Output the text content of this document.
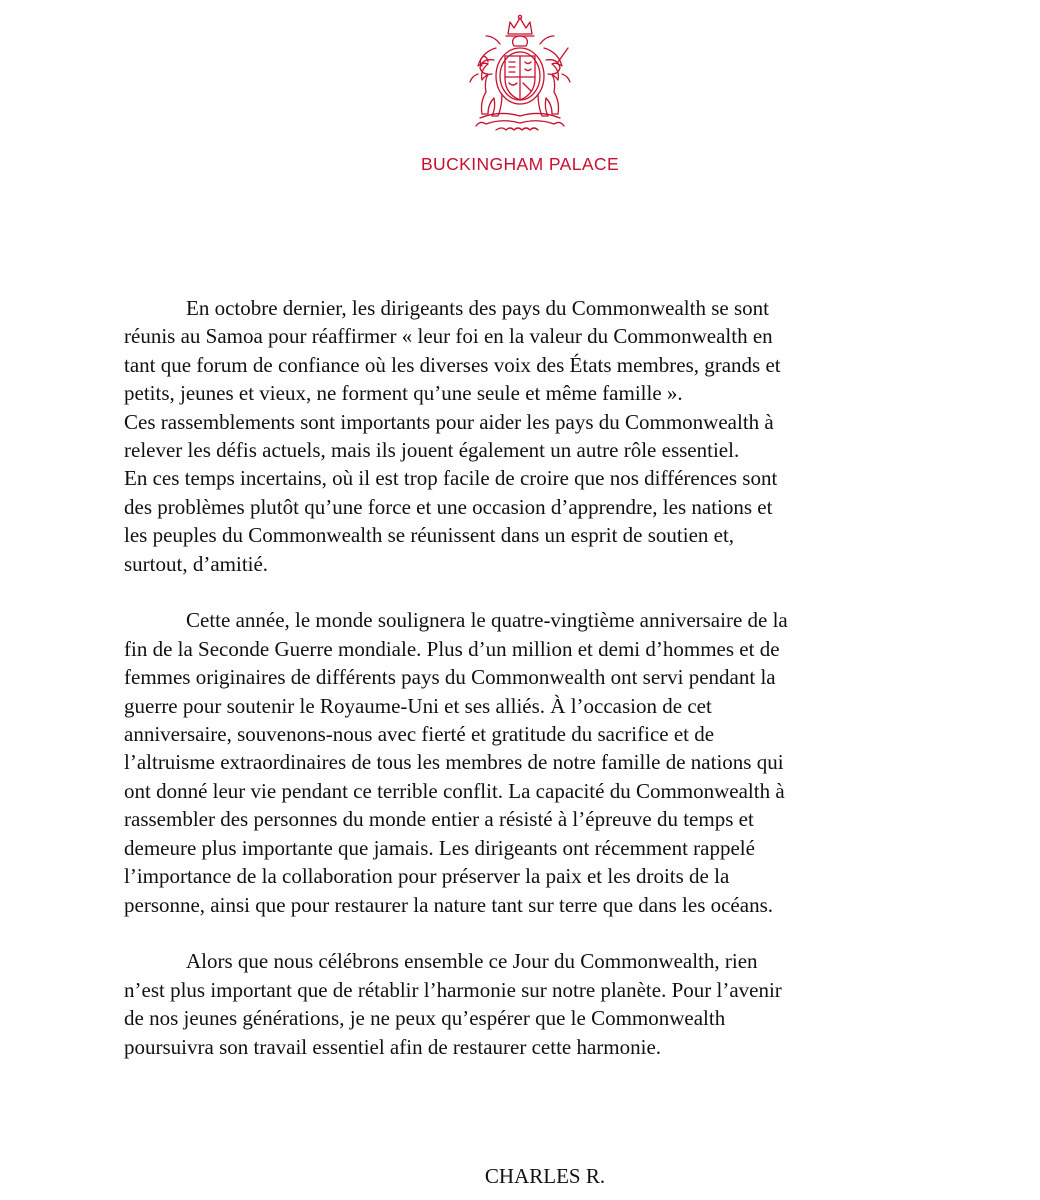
BUCKINGHAM PALACE

En octobre dernier, les dirigeants des pays du Commonwealth se sont
réunis au Samoa pour réaffirmer « leur foi en la valeur du Commonwealth en
tant que forum de confiance où les diverses voix des États membres, grands et
petits, jeunes et vieux, ne forment qu’une seule et même famille ».
Ces rassemblements sont importants pour aider les pays du Commonwealth à
relever les défis actuels, mais ils jouent également un autre rôle essentiel.
En ces temps incertains, où il est trop facile de croire que nos différences sont
des problèmes plutôt qu’une force et une occasion d’apprendre, les nations et
les peuples du Commonwealth se réunissent dans un esprit de soutien et,
surtout, d’amitié.

Cette année, le monde soulignera le quatre-vingtième anniversaire de la
fin de la Seconde Guerre mondiale. Plus d’un million et demi d’hommes et de
femmes originaires de différents pays du Commonwealth ont servi pendant la
guerre pour soutenir le Royaume-Uni et ses alliés. À l’occasion de cet
anniversaire, souvenons-nous avec fierté et gratitude du sacrifice et de
l’altruisme extraordinaires de tous les membres de notre famille de nations qui
ont donné leur vie pendant ce terrible conflit. La capacité du Commonwealth à
rassembler des personnes du monde entier a résisté à l’épreuve du temps et
demeure plus importante que jamais. Les dirigeants ont récemment rappelé
l’importance de la collaboration pour préserver la paix et les droits de la
personne, ainsi que pour restaurer la nature tant sur terre que dans les océans.

Alors que nous célébrons ensemble ce Jour du Commonwealth, rien
n’est plus important que de rétablir l’harmonie sur notre planète. Pour l’avenir
de nos jeunes générations, je ne peux qu’espérer que le Commonwealth
poursuivra son travail essentiel afin de restaurer cette harmonie.

CHARLES R.
